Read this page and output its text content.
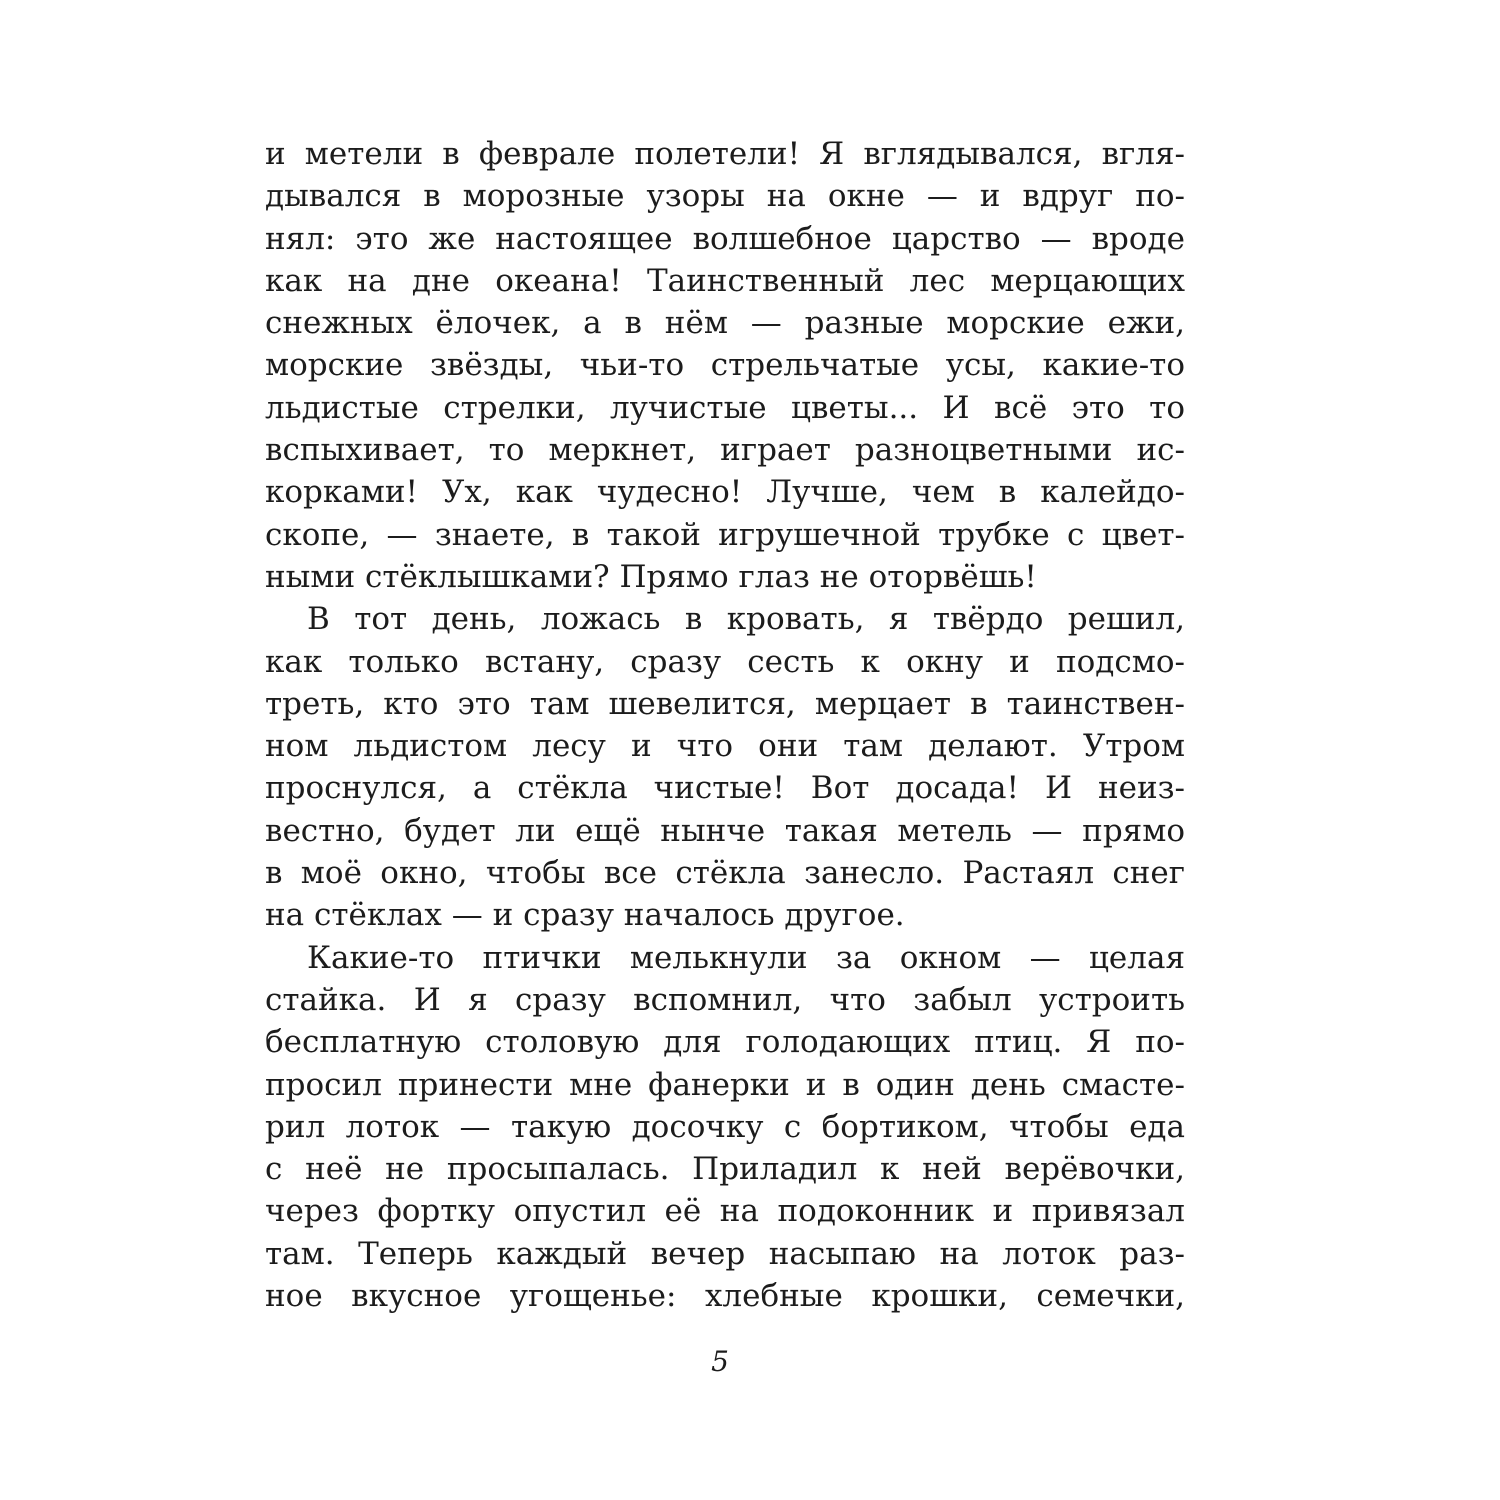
и метели в феврале полетели! Я вглядывался, вгля-
дывался в морозные узоры на окне — и вдруг по-
нял: это же настоящее волшебное царство — вроде
как на дне океана! Таинственный лес мерцающих
снежных ёлочек, а в нём — разные морские ежи,
морские звёзды, чьи-то стрельчатые усы, какие-то
льдистые стрелки, лучистые цветы... И всё это то
вспыхивает, то меркнет, играет разноцветными ис-
корками! Ух, как чудесно! Лучше, чем в калейдо-
скопе, — знаете, в такой игрушечной трубке с цвет-
ными стёклышками? Прямо глаз не оторвёшь!
В тот день, ложась в кровать, я твёрдо решил,
как только встану, сразу сесть к окну и подсмо-
треть, кто это там шевелится, мерцает в таинствен-
ном льдистом лесу и что они там делают. Утром
проснулся, а стёкла чистые! Вот досада! И неиз-
вестно, будет ли ещё нынче такая метель — прямо
в моё окно, чтобы все стёкла занесло. Растаял снег
на стёклах — и сразу началось другое.
Какие-то птички мелькнули за окном — целая
стайка. И я сразу вспомнил, что забыл устроить
бесплатную столовую для голодающих птиц. Я по-
просил принести мне фанерки и в один день смасте-
рил лоток — такую досочку с бортиком, чтобы еда
с неё не просыпалась. Приладил к ней верёвочки,
через фортку опустил её на подоконник и привязал
там. Теперь каждый вечер насыпаю на лоток раз-
ное вкусное угощенье: хлебные крошки, семечки,
5
